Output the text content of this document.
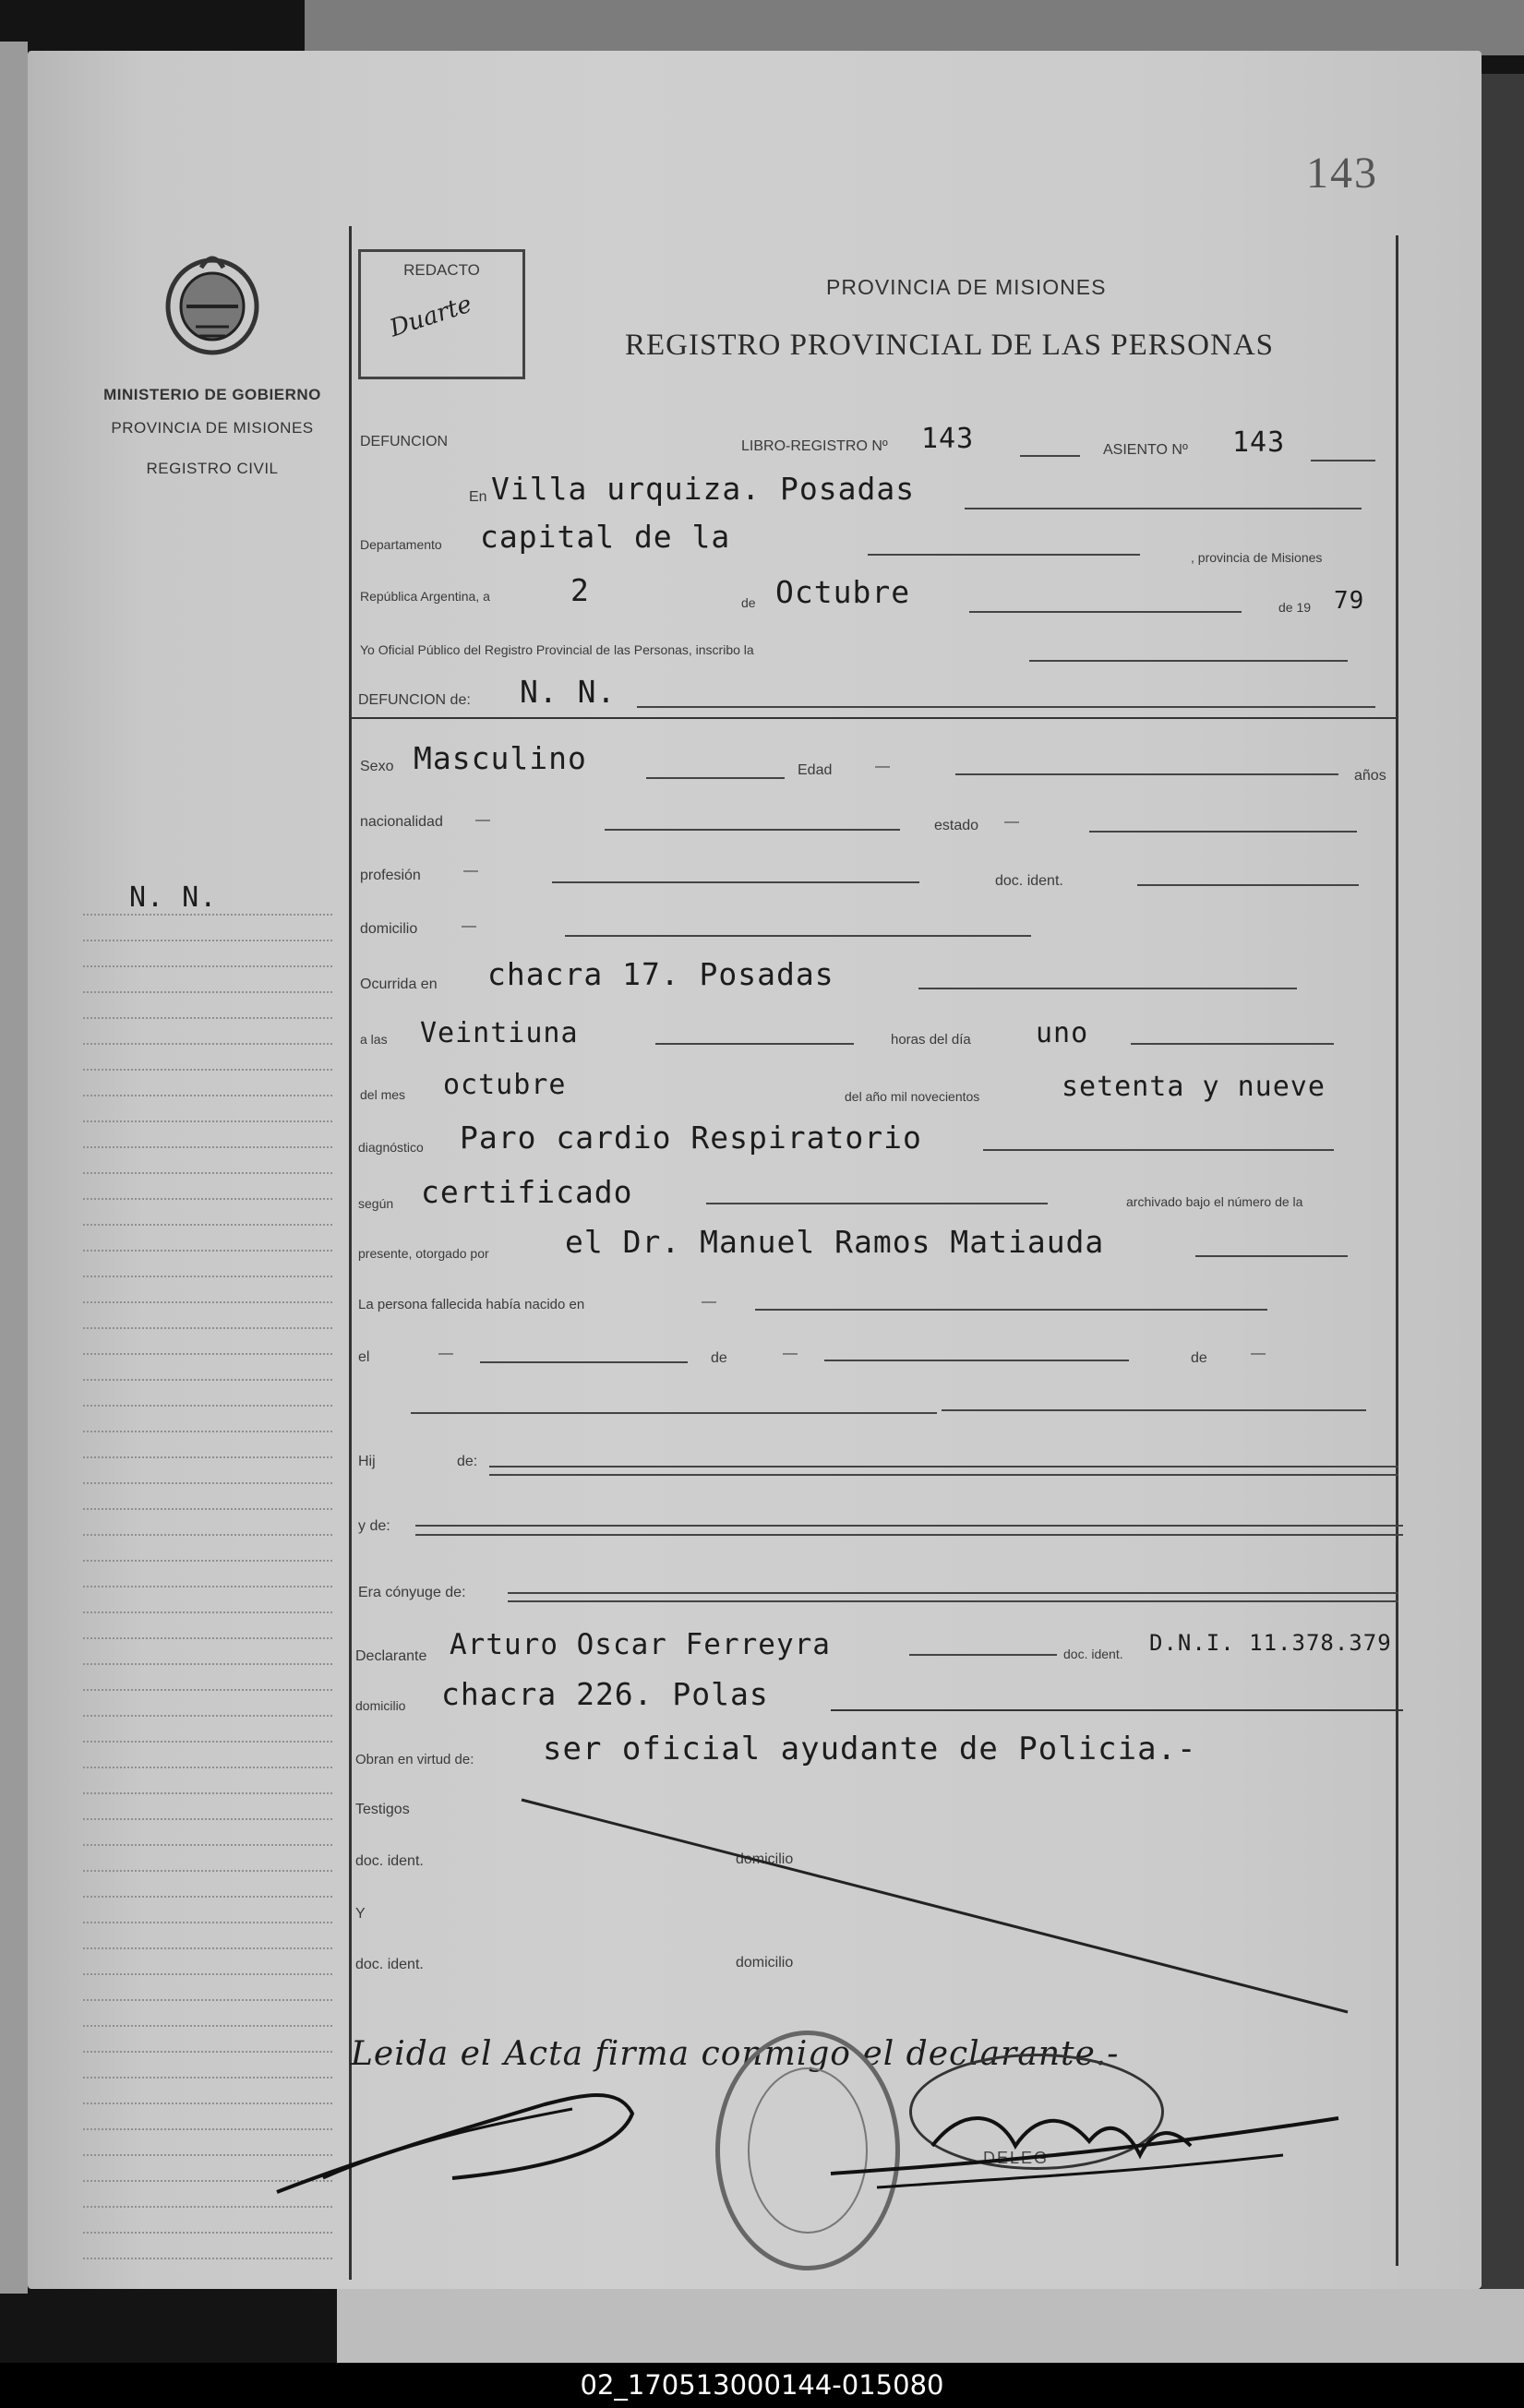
143
MINISTERIO DE GOBIERNO
PROVINCIA DE MISIONES
REGISTRO CIVIL
N. N.
REDACTO
Duarte
PROVINCIA DE MISIONES
REGISTRO PROVINCIAL DE LAS PERSONAS
DEFUNCION	LIBRO-REGISTRO Nº 143	ASIENTO Nº 143
En Villa urquiza. Posadas
Departamento capital de la
, provincia de Misiones
República Argentina, a	2	de Octubre	de 19 79
Yo Oficial Público del Registro Provincial de las Personas, inscribo la
DEFUNCION de: N. N.
Sexo Masculino	Edad	—
años
nacionalidad —	estado —
profesión	—
doc. ident.
domicilio	—
Ocurrida en chacra 17. Posadas
a las Veintiuna	horas del día uno
del mes octubre	del año mil novecientos	setenta y nueve
diagnóstico Paro cardio Respiratorio
según certificado	archivado bajo el número de la
presente, otorgado por el Dr. Manuel Ramos Matiauda
La persona fallecida había nacido en	—
el	—	de	—	de	—
Hij	de:
y de:
Era cónyuge de:
Declarante Arturo Oscar Ferreyra	doc. ident. D.N.I. 11.378.379
domicilio chacra 226. Polas
Obran en virtud de: ser oficial ayudante de Policia.-
Testigos
doc. ident.	domicilio
Y
doc. ident.	domicilio
Leida el Acta firma conmigo el declarante.-
DELEG
02_170513000144-015080
